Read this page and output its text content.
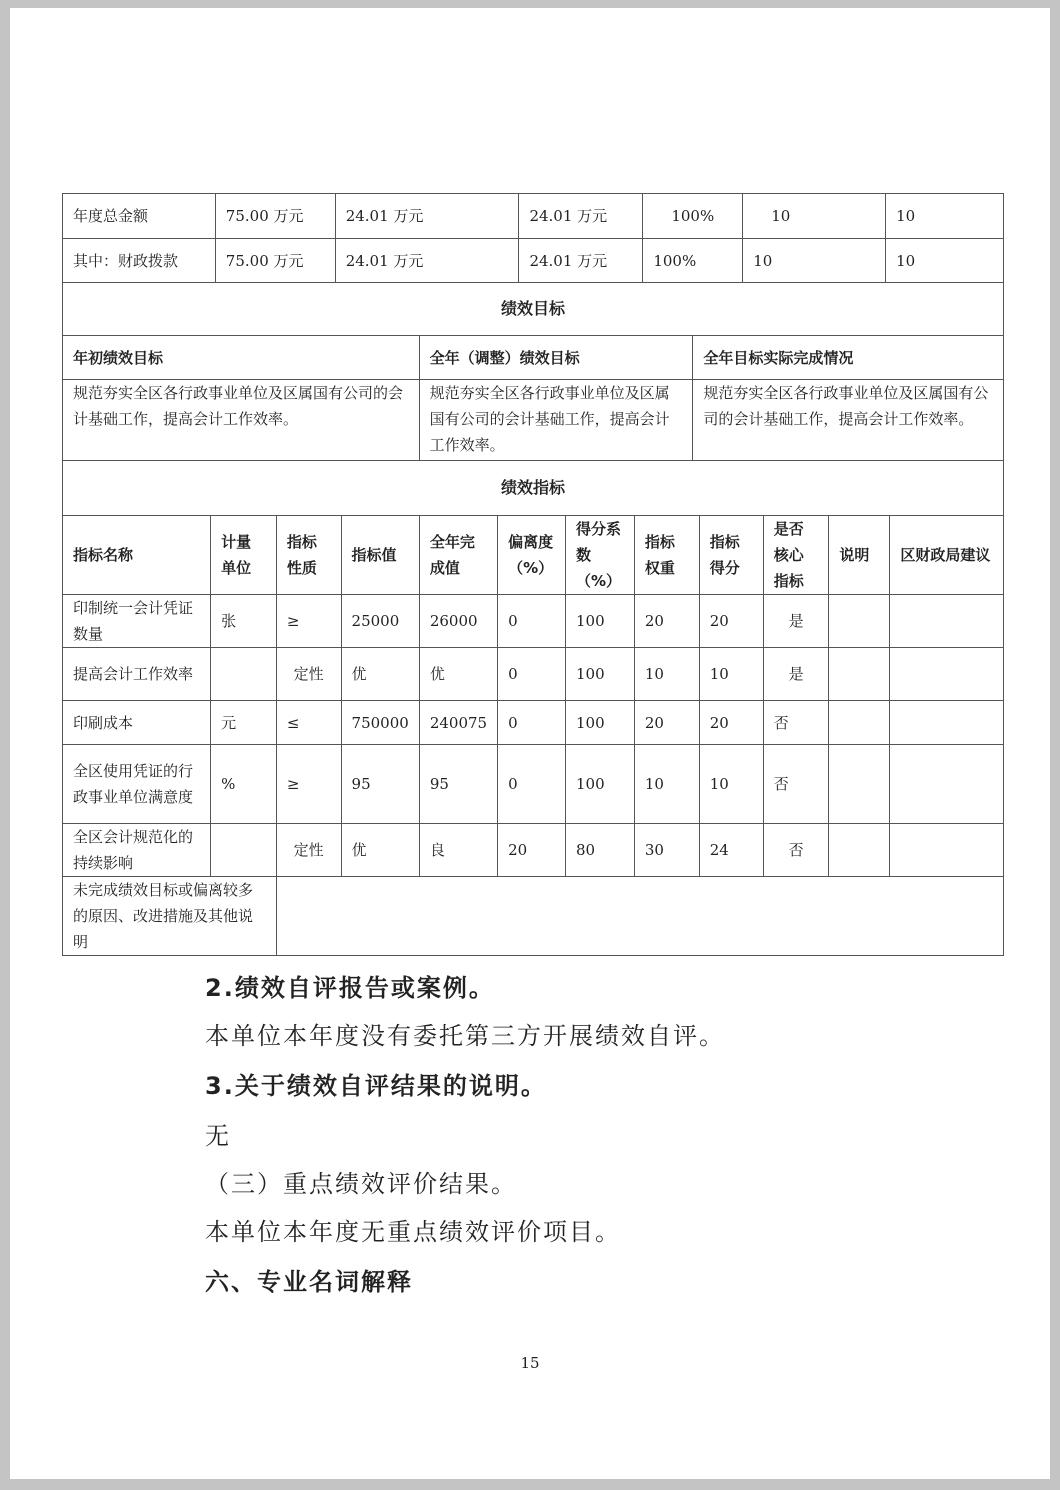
年度总金额	75.00 万元	24.01 万元	24.01 万元	100%	10	10
其中：财政拨款	75.00 万元	24.01 万元	24.01 万元	100%	10	10
绩效目标		
年初绩效目标	全年（调整）绩效目标	全年目标实际完成情况
规范夯实全区各行政事业单位及区属国有公司的会计基础工作，提高会计工作效率。	规范夯实全区各行政事业单位及区属国有公司的会计基础工作，提高会计工作效率。	规范夯实全区各行政事业单位及区属国有公司的会计基础工作，提高会计工作效率。
绩效指标											
指标名称	计量单位	指标性质	指标值	全年完成值	偏离度（%）	得分系数（%）	指标权重	指标得分	是否核心指标	说明	区财政局建议
印制统一会计凭证数量	张	≥	25000	26000	0	100	20	20	是		
提高会计工作效率		定性	优	优	0	100	10	10	是		
印刷成本	元	≤	750000	240075	0	100	20	20	否		
全区使用凭证的行政事业单位满意度	%	≥	95	95	0	100	10	10	否		
全区会计规范化的持续影响		定性	优	良	20	80	30	24	否		
未完成绩效目标或偏离较多的原因、改进措施及其他说明											
2.绩效自评报告或案例。
本单位本年度没有委托第三方开展绩效自评。
3.关于绩效自评结果的说明。
无
（三）重点绩效评价结果。
本单位本年度无重点绩效评价项目。
六、专业名词解释
15
